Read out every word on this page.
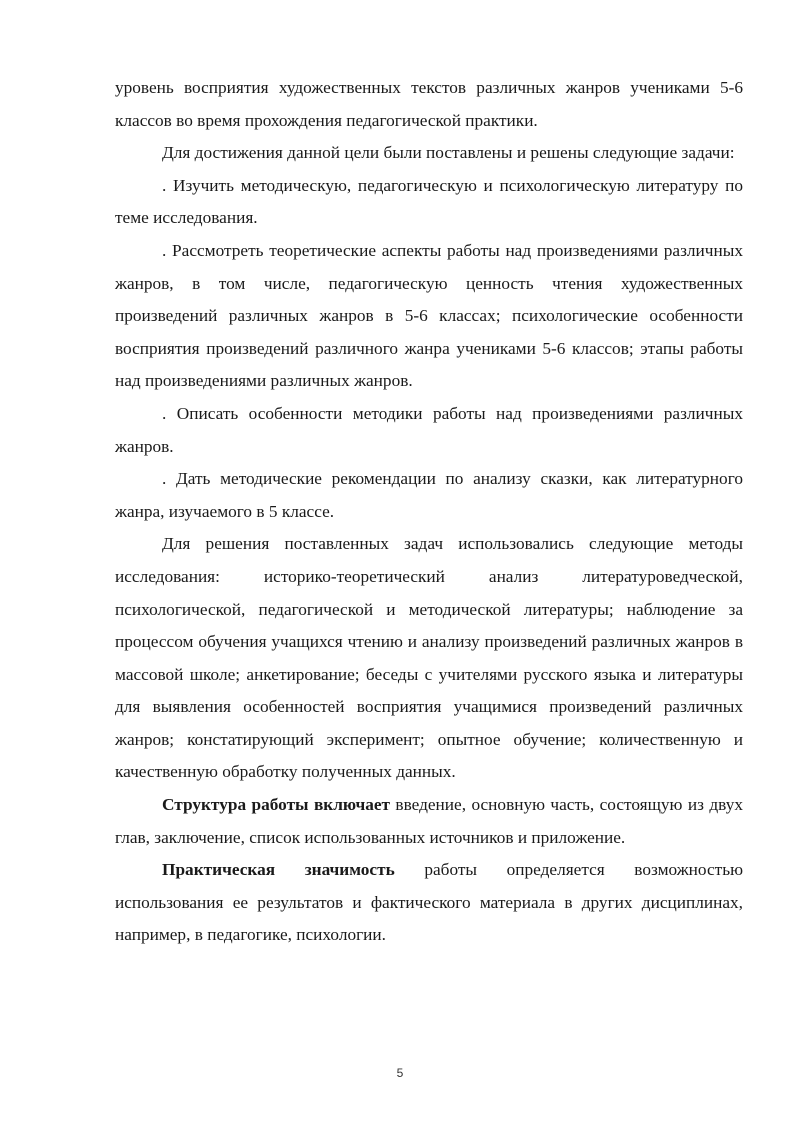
уровень восприятия художественных текстов различных жанров учениками 5-6 классов во время прохождения педагогической практики.

Для достижения данной цели были поставлены и решены следующие задачи:

. Изучить методическую, педагогическую и психологическую литературу по теме исследования.

. Рассмотреть теоретические аспекты работы над произведениями различных жанров, в том числе, педагогическую ценность чтения художественных произведений различных жанров в 5-6 классах; психологические особенности восприятия произведений различного жанра учениками 5-6 классов; этапы работы над произведениями различных жанров.

. Описать особенности методики работы над произведениями различных жанров.

. Дать методические рекомендации по анализу сказки, как литературного жанра, изучаемого в 5 классе.

Для решения поставленных задач использовались следующие методы исследования: историко-теоретический анализ литературоведческой, психологической, педагогической и методической литературы; наблюдение за процессом обучения учащихся чтению и анализу произведений различных жанров в массовой школе; анкетирование; беседы с учителями русского языка и литературы для выявления особенностей восприятия учащимися произведений различных жанров; констатирующий эксперимент; опытное обучение; количественную и качественную обработку полученных данных.

Структура работы включает введение, основную часть, состоящую из двух глав, заключение, список использованных источников и приложение.

Практическая значимость работы определяется возможностью использования ее результатов и фактического материала в других дисциплинах, например, в педагогике, психологии.

5
